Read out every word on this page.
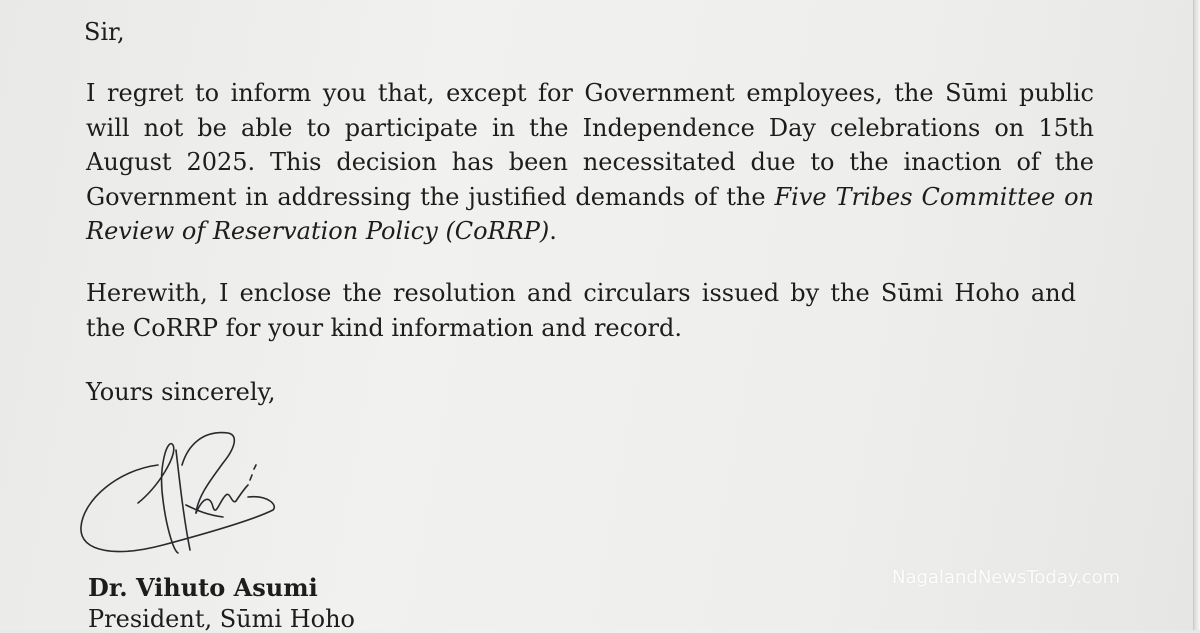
Sir,

I regret to inform you that, except for Government employees, the Sūmi public will not be able to participate in the Independence Day celebrations on 15th August 2025. This decision has been necessitated due to the inaction of the Government in addressing the justified demands of the Five Tribes Committee on Review of Reservation Policy (CoRRP).

Herewith, I enclose the resolution and circulars issued by the Sūmi Hoho and the CoRRP for your kind information and record.

Yours sincerely,

Dr. Vihuto Asumi

President, Sūmi Hoho

NagalandNewsToday.com
